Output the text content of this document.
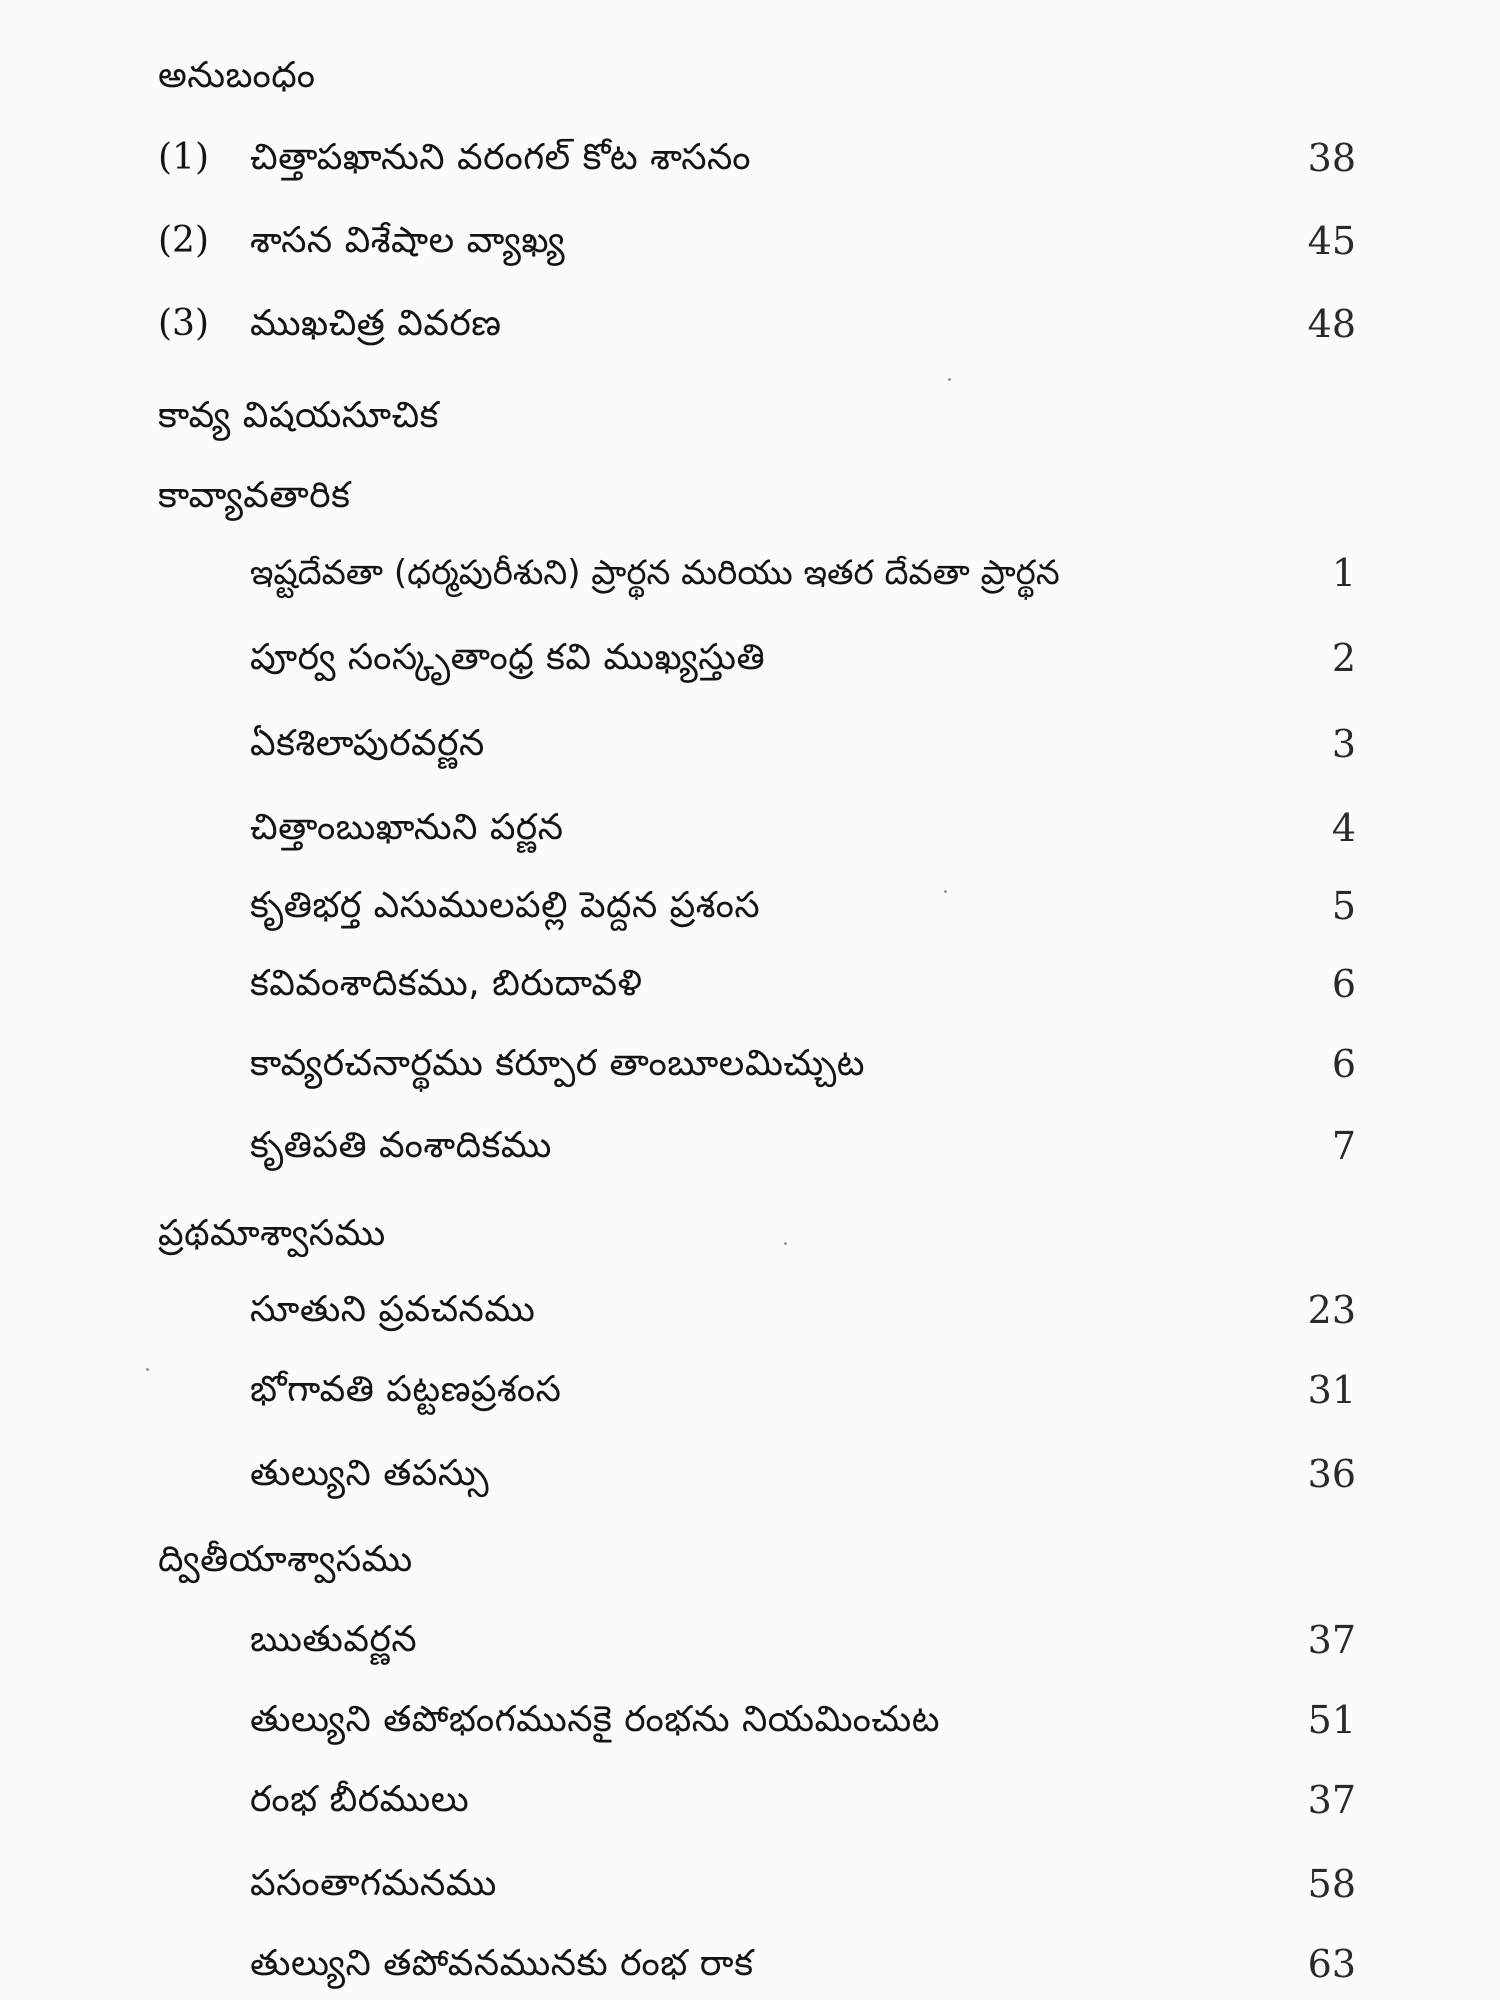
అనుబంధం
(1) చిత్తాపఖానుని వరంగల్ కోట శాసనం	38
(2) శాసన విశేషాల వ్యాఖ్య	45
(3) ముఖచిత్ర వివరణ	48
కావ్య విషయసూచిక
కావ్యావతారిక
ఇష్టదేవతా (ధర్మపురీశుని) ప్రార్థన మరియు ఇతర దేవతా ప్రార్థన	1
పూర్వ సంస్కృతాంధ్ర కవి ముఖ్యస్తుతి	2
ఏకశిలాపురవర్ణన	3
చిత్తాంబుఖానుని పర్ణన	4
కృతిభర్త ఎసుములపల్లి పెద్దన ప్రశంస	5
కవివంశాదికము, బిరుదావళి	6
కావ్యరచనార్థము కర్పూర తాంబూలమిచ్చుట	6
కృతిపతి వంశాదికము	7
ప్రథమాశ్వాసము
సూతుని ప్రవచనము	23
భోగావతి పట్టణప్రశంస	31
తుల్యుని తపస్సు	36
ద్వితీయాశ్వాసము
ఋతువర్ణన	37
తుల్యుని తపోభంగమునకై రంభను నియమించుట	51
రంభ బీరములు	37
పసంతాగమనము	58
తుల్యుని తపోవనమునకు రంభ రాక	63
